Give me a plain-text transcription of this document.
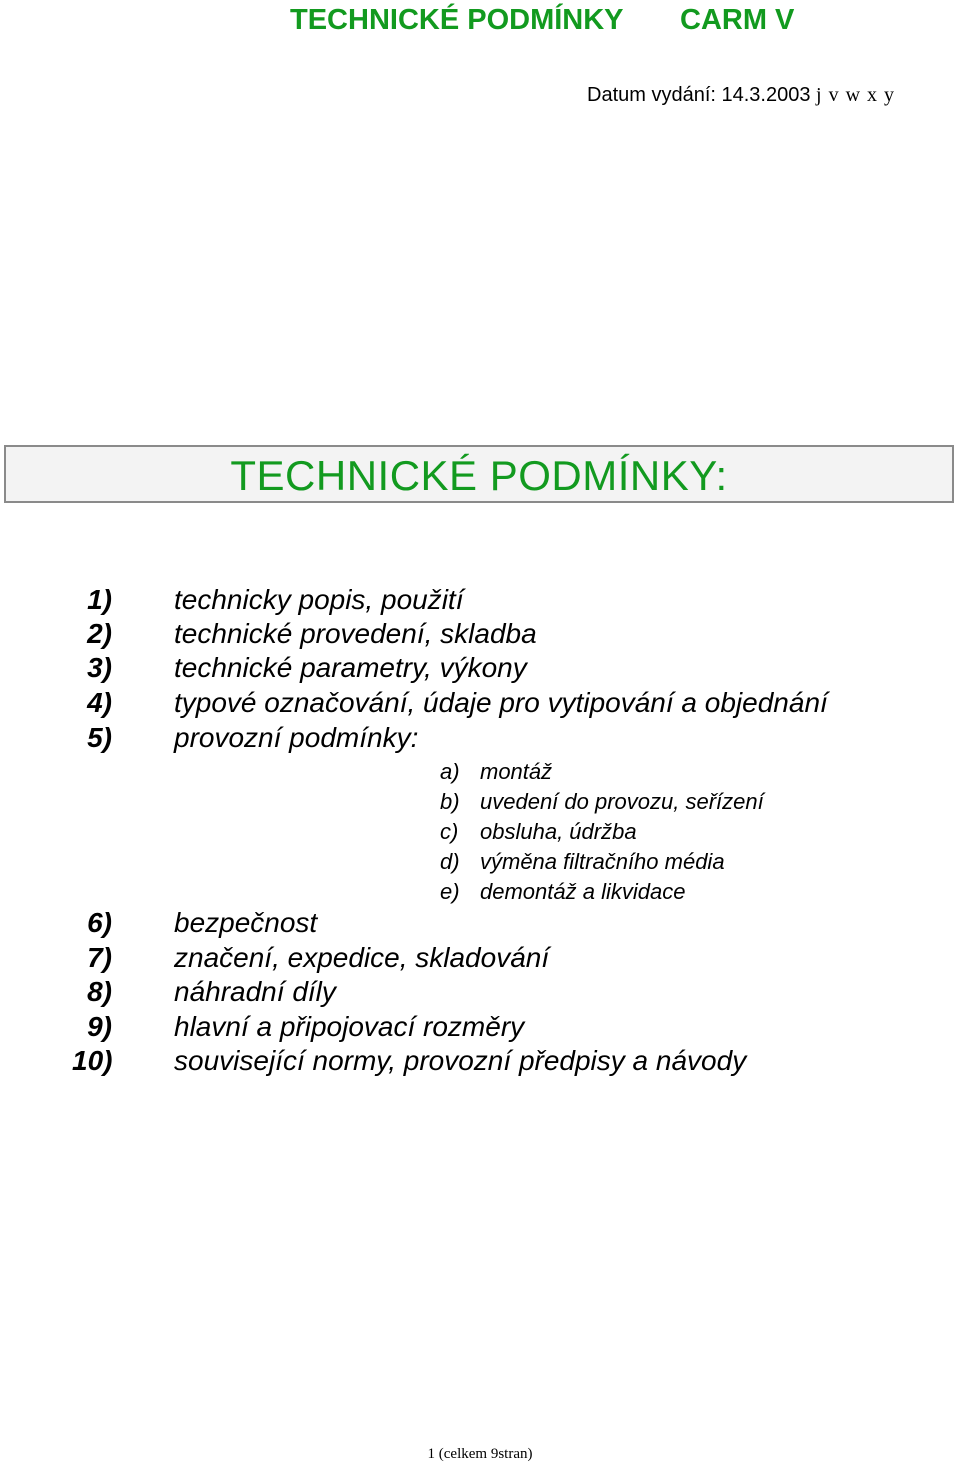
TECHNICKÉ PODMÍNKY CARM V
Datum vydání: 14.3.2003 j v w x y
TECHNICKÉ PODMÍNKY:
1) technicky popis, použití
2) technické provedení, skladba
3) technické parametry, výkony
4) typové označování, údaje pro vytipování a objednání
5) provozní podmínky:
a) montáž
b) uvedení do provozu, seřízení
c) obsluha, údržba
d) výměna filtračního média
e) demontáž a likvidace
6) bezpečnost
7) značení, expedice, skladování
8) náhradní díly
9) hlavní a připojovací rozměry
10) související normy, provozní předpisy a návody
1 (celkem 9stran)
